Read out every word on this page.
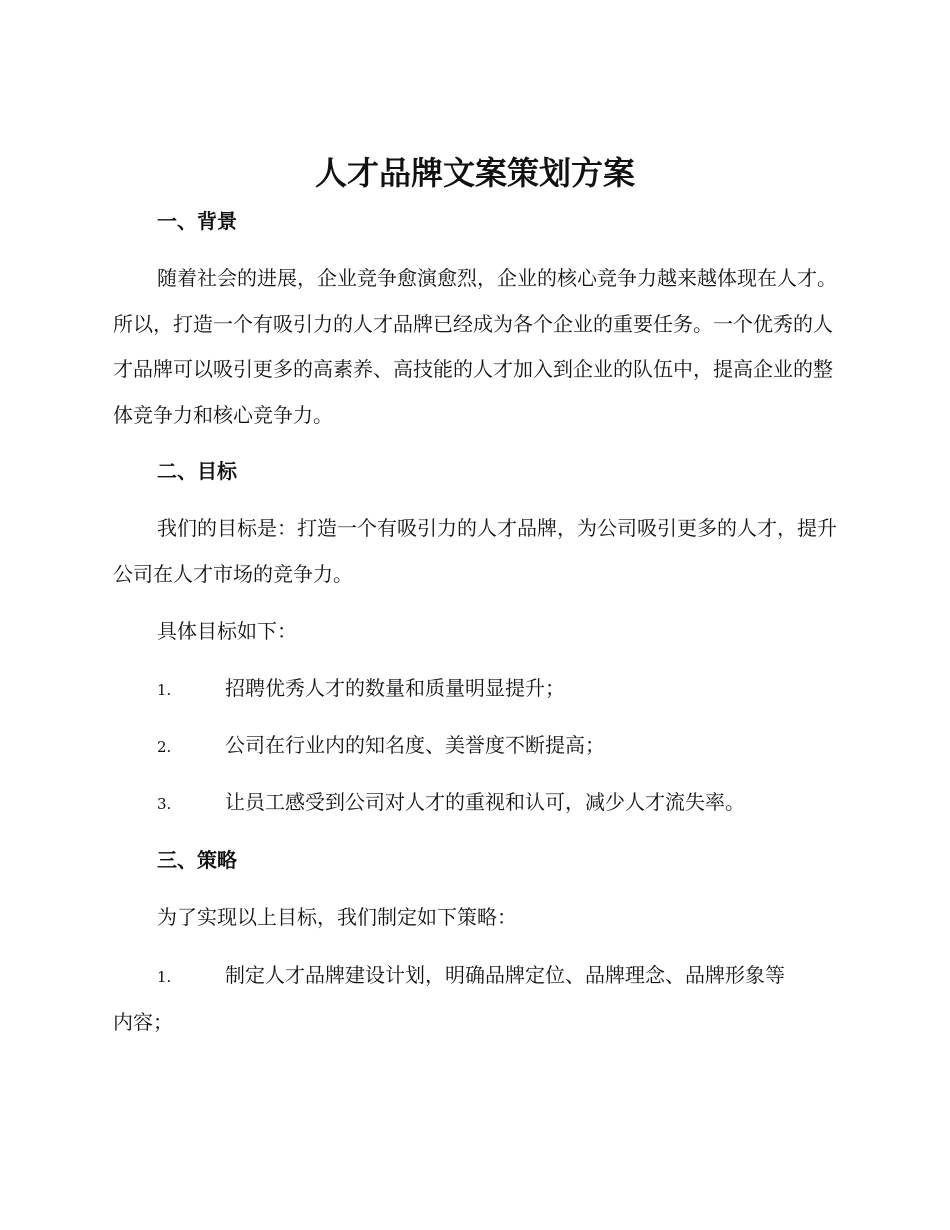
人才品牌文案策划方案
一、背景

随着社会的进展，企业竞争愈演愈烈，企业的核心竞争力越来越体现在人才。所以，打造一个有吸引力的人才品牌已经成为各个企业的重要任务。一个优秀的人才品牌可以吸引更多的高素养、高技能的人才加入到企业的队伍中，提高企业的整体竞争力和核心竞争力。

二、目标

我们的目标是：打造一个有吸引力的人才品牌，为公司吸引更多的人才，提升公司在人才市场的竞争力。

具体目标如下：

1.	招聘优秀人才的数量和质量明显提升；
2.	公司在行业内的知名度、美誉度不断提高；
3.	让员工感受到公司对人才的重视和认可，减少人才流失率。
三、策略

为了实现以上目标，我们制定如下策略：

1.	制定人才品牌建设计划，明确品牌定位、品牌理念、品牌形象等

内容；
